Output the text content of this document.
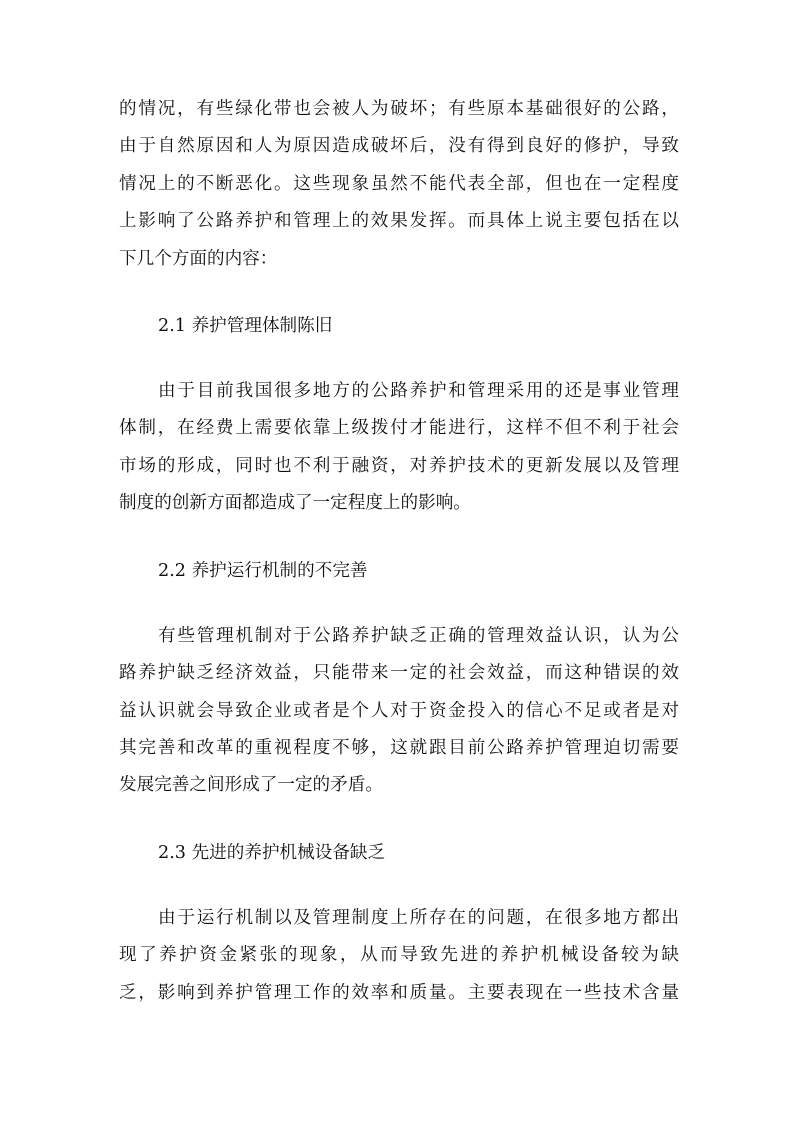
的情况，有些绿化带也会被人为破坏；有些原本基础很好的公路，
由于自然原因和人为原因造成破坏后，没有得到良好的修护，导致
情况上的不断恶化。这些现象虽然不能代表全部，但也在一定程度
上影响了公路养护和管理上的效果发挥。而具体上说主要包括在以
下几个方面的内容：
2.1 养护管理体制陈旧
由于目前我国很多地方的公路养护和管理采用的还是事业管理
体制，在经费上需要依靠上级拨付才能进行，这样不但不利于社会
市场的形成，同时也不利于融资，对养护技术的更新发展以及管理
制度的创新方面都造成了一定程度上的影响。
2.2 养护运行机制的不完善
有些管理机制对于公路养护缺乏正确的管理效益认识，认为公
路养护缺乏经济效益，只能带来一定的社会效益，而这种错误的效
益认识就会导致企业或者是个人对于资金投入的信心不足或者是对
其完善和改革的重视程度不够，这就跟目前公路养护管理迫切需要
发展完善之间形成了一定的矛盾。
2.3 先进的养护机械设备缺乏
由于运行机制以及管理制度上所存在的问题，在很多地方都出
现了养护资金紧张的现象，从而导致先进的养护机械设备较为缺
乏，影响到养护管理工作的效率和质量。主要表现在一些技术含量
